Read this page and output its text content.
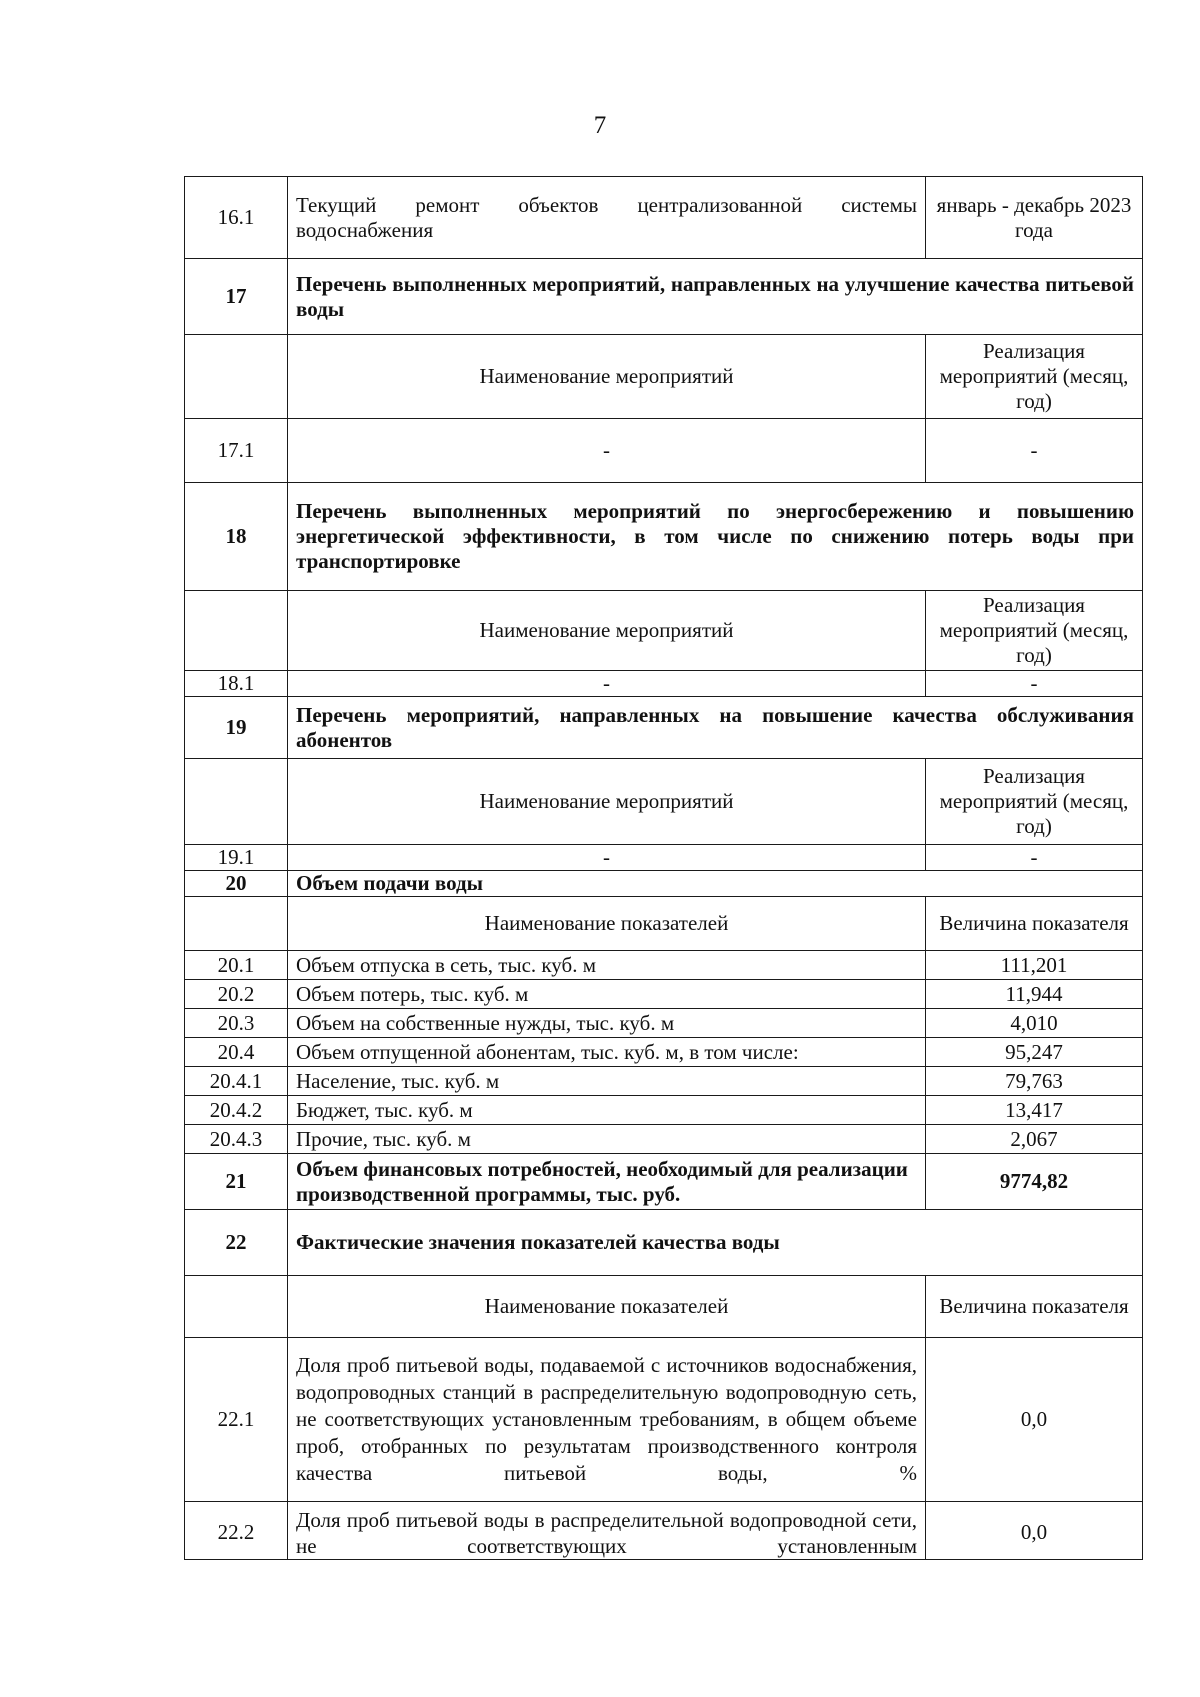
7
16.1	Текущий ремонт объектов централизованной системы водоснабжения	январь - декабрь 2023 года
17	Перечень выполненных мероприятий, направленных на улучшение качества питьевой воды	
	Наименование мероприятий	Реализация мероприятий (месяц, год)
17.1	-	-
18	Перечень выполненных мероприятий по энергосбережению и повышению энергетической эффективности, в том числе по снижению потерь воды при транспортировке	
	Наименование мероприятий	Реализация мероприятий (месяц, год)
18.1	-	-
19	Перечень мероприятий, направленных на повышение качества обслуживания абонентов	
	Наименование мероприятий	Реализация мероприятий (месяц, год)
19.1	-	-
20	Объем подачи воды	
	Наименование показателей	Величина показателя
20.1	Объем отпуска в сеть, тыс. куб. м	111,201
20.2	Объем потерь, тыс. куб. м	11,944
20.3	Объем на собственные нужды, тыс. куб. м	4,010
20.4	Объем отпущенной абонентам, тыс. куб. м, в том числе:	95,247
20.4.1	Население, тыс. куб. м	79,763
20.4.2	Бюджет, тыс. куб. м	13,417
20.4.3	Прочие, тыс. куб. м	2,067
21	Объем финансовых потребностей, необходимый для реализации производственной программы, тыс. руб.	9774,82
22	Фактические значения показателей качества воды	
	Наименование показателей	Величина показателя
22.1	Доля проб питьевой воды, подаваемой с источников водоснабжения, водопроводных станций в распределительную водопроводную сеть, не соответствующих установленным требованиям, в общем объеме проб, отобранных по результатам производственного контроля качества питьевой воды, %	0,0
22.2	Доля проб питьевой воды в распределительной водопроводной сети, не соответствующих установленным	0,0
